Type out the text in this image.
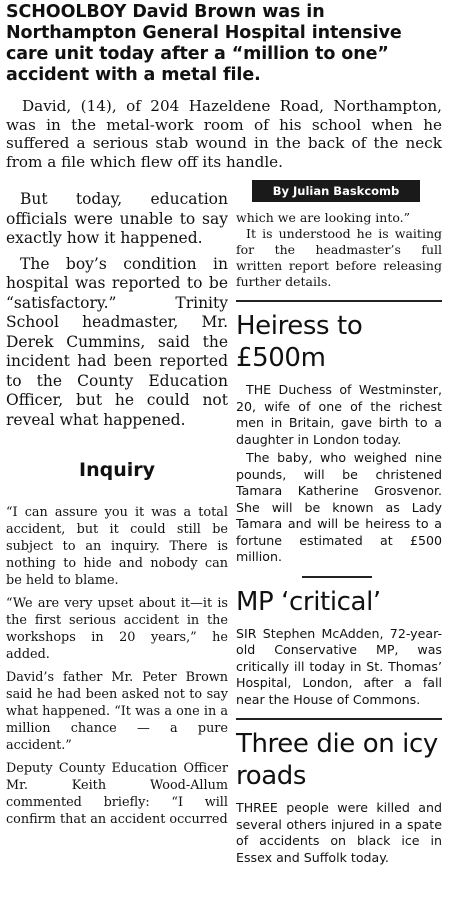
SCHOOLBOY David Brown was in Northampton General Hospital intensive care unit today after a “million to one” accident with a metal file.

David, (14), of 204 Hazeldene Road, Northampton, was in the metal-work room of his school when he suffered a serious stab wound in the back of the neck from a file which flew off its handle.

But today, education officials were unable to say exactly how it happened.

The boy’s condition in hospital was reported to be “satisfactory.” Trinity School headmaster, Mr. Derek Cummins, said the incident had been reported to the County Education Officer, but he could not reveal what happened.

Inquiry

“I can assure you it was a total accident, but it could still be subject to an inquiry. There is nothing to hide and nobody can be held to blame.

“We are very upset about it—it is the first serious accident in the workshops in 20 years,” he added.

David’s father Mr. Peter Brown said he had been asked not to say what happened. “It was a one in a million chance — a pure accident.”

Deputy County Education Officer Mr. Keith Wood-Allum commented briefly: “I will confirm that an accident occurred

By Julian Baskcomb

which we are looking into.”

It is understood he is waiting for the headmaster’s full written report before releasing further details.

Heiress to £500m

THE Duchess of Westminster, 20, wife of one of the richest men in Britain, gave birth to a daughter in London today.

The baby, who weighed nine pounds, will be christened Tamara Katherine Grosvenor. She will be known as Lady Tamara and will be heiress to a fortune estimated at £500 million.

MP ‘critical’

SIR Stephen McAdden, 72-year-old Conservative MP, was critically ill today in St. Thomas’ Hospital, London, after a fall near the House of Commons.

Three die on icy roads

THREE people were killed and several others injured in a spate of accidents on black ice in Essex and Suffolk today.
